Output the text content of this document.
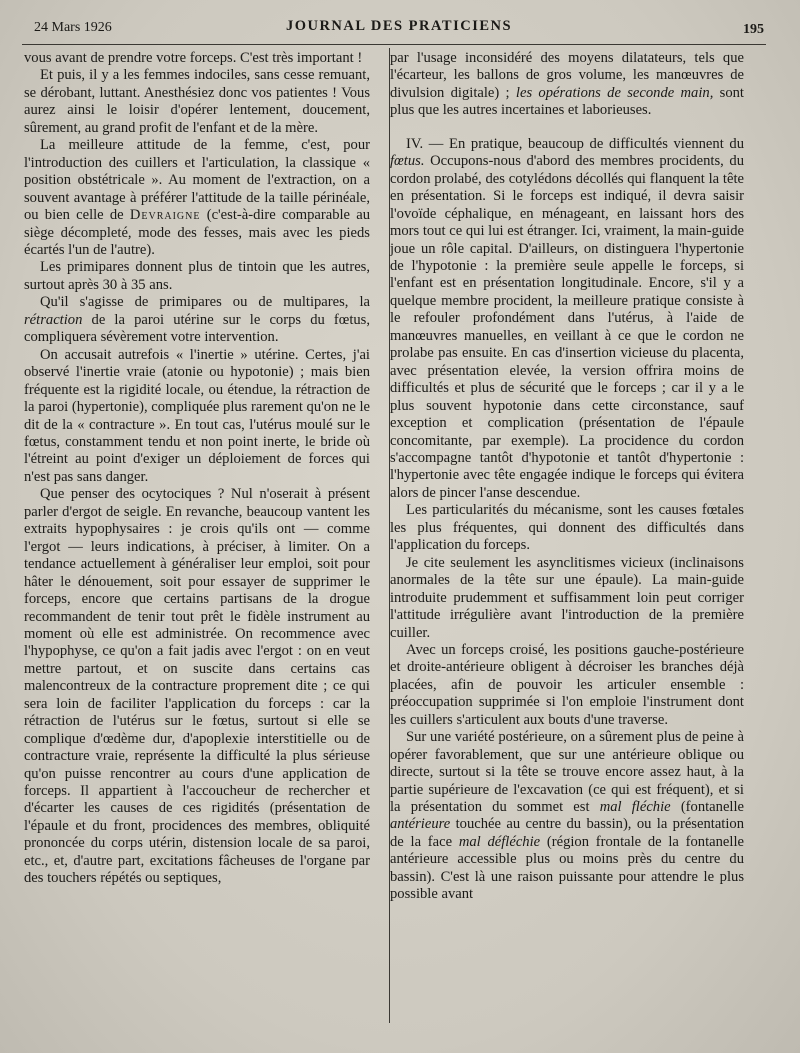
24 Mars 1926	JOURNAL DES PRATICIENS	195

vous avant de prendre votre forceps. C'est très important !

Et puis, il y a les femmes indociles, sans cesse remuant, se dérobant, luttant. Anesthésiez donc vos patientes ! Vous aurez ainsi le loisir d'opérer lentement, doucement, sûrement, au grand profit de l'enfant et de la mère.

La meilleure attitude de la femme, c'est, pour l'introduction des cuillers et l'articulation, la classique « position obstétricale ». Au moment de l'extraction, on a souvent avantage à préférer l'attitude de la taille périnéale, ou bien celle de Devraigne (c'est-à-dire comparable au siège décompleté, mode des fesses, mais avec les pieds écartés l'un de l'autre).

Les primipares donnent plus de tintoin que les autres, surtout après 30 à 35 ans.

Qu'il s'agisse de primipares ou de multipares, la rétraction de la paroi utérine sur le corps du fœtus, compliquera sévèrement votre intervention.

On accusait autrefois « l'inertie » utérine. Certes, j'ai observé l'inertie vraie (atonie ou hypotonie) ; mais bien fréquente est la rigidité locale, ou étendue, la rétraction de la paroi (hypertonie), compliquée plus rarement qu'on ne le dit de la « contracture ». En tout cas, l'utérus moulé sur le fœtus, constamment tendu et non point inerte, le bride où l'étreint au point d'exiger un déploiement de forces qui n'est pas sans danger.

Que penser des ocytociques ? Nul n'oserait à présent parler d'ergot de seigle. En revanche, beaucoup vantent les extraits hypophysaires : je crois qu'ils ont — comme l'ergot — leurs indications, à préciser, à limiter. On a tendance actuellement à généraliser leur emploi, soit pour hâter le dénouement, soit pour essayer de supprimer le forceps, encore que certains partisans de la drogue recommandent de tenir tout prêt le fidèle instrument au moment où elle est administrée. On recommence avec l'hypophyse, ce qu'on a fait jadis avec l'ergot : on en veut mettre partout, et on suscite dans certains cas malencontreux de la contracture proprement dite ; ce qui sera loin de faciliter l'application du forceps : car la rétraction de l'utérus sur le fœtus, surtout si elle se complique d'œdème dur, d'apoplexie interstitielle ou de contracture vraie, représente la difficulté la plus sérieuse qu'on puisse rencontrer au cours d'une application de forceps. Il appartient à l'accoucheur de rechercher et d'écarter les causes de ces rigidités (présentation de l'épaule et du front, procidences des membres, obliquité prononcée du corps utérin, distension locale de sa paroi, etc., et, d'autre part, excitations fâcheuses de l'organe par des touchers répétés ou septiques,

par l'usage inconsidéré des moyens dilatateurs, tels que l'écarteur, les ballons de gros volume, les manœuvres de divulsion digitale) ; les opérations de seconde main, sont plus que les autres incertaines et laborieuses.

IV. — En pratique, beaucoup de difficultés viennent du fœtus. Occupons-nous d'abord des membres procidents, du cordon prolabé, des cotylédons décollés qui flanquent la tête en présentation. Si le forceps est indiqué, il devra saisir l'ovoïde céphalique, en ménageant, en laissant hors des mors tout ce qui lui est étranger. Ici, vraiment, la main-guide joue un rôle capital. D'ailleurs, on distinguera l'hypertonie de l'hypotonie : la première seule appelle le forceps, si l'enfant est en présentation longitudinale. Encore, s'il y a quelque membre procident, la meilleure pratique consiste à le refouler profondément dans l'utérus, à l'aide de manœuvres manuelles, en veillant à ce que le cordon ne prolabe pas ensuite. En cas d'insertion vicieuse du placenta, avec présentation elevée, la version offrira moins de difficultés et plus de sécurité que le forceps ; car il y a le plus souvent hypotonie dans cette circonstance, sauf exception et complication (présentation de l'épaule concomitante, par exemple). La procidence du cordon s'accompagne tantôt d'hypotonie et tantôt d'hypertonie : l'hypertonie avec tête engagée indique le forceps qui évitera alors de pincer l'anse descendue.

Les particularités du mécanisme, sont les causes fœtales les plus fréquentes, qui donnent des difficultés dans l'application du forceps.

Je cite seulement les asynclitismes vicieux (inclinaisons anormales de la tête sur une épaule). La main-guide introduite prudemment et suffisamment loin peut corriger l'attitude irrégulière avant l'introduction de la première cuiller.

Avec un forceps croisé, les positions gauche-postérieure et droite-antérieure obligent à décroiser les branches déjà placées, afin de pouvoir les articuler ensemble : préoccupation supprimée si l'on emploie l'instrument dont les cuillers s'articulent aux bouts d'une traverse.

Sur une variété postérieure, on a sûrement plus de peine à opérer favorablement, que sur une antérieure oblique ou directe, surtout si la tête se trouve encore assez haut, à la partie supérieure de l'excavation (ce qui est fréquent), et si la présentation du sommet est mal fléchie (fontanelle antérieure touchée au centre du bassin), ou la présentation de la face mal défléchie (région frontale de la fontanelle antérieure accessible plus ou moins près du centre du bassin). C'est là une raison puissante pour attendre le plus possible avant
